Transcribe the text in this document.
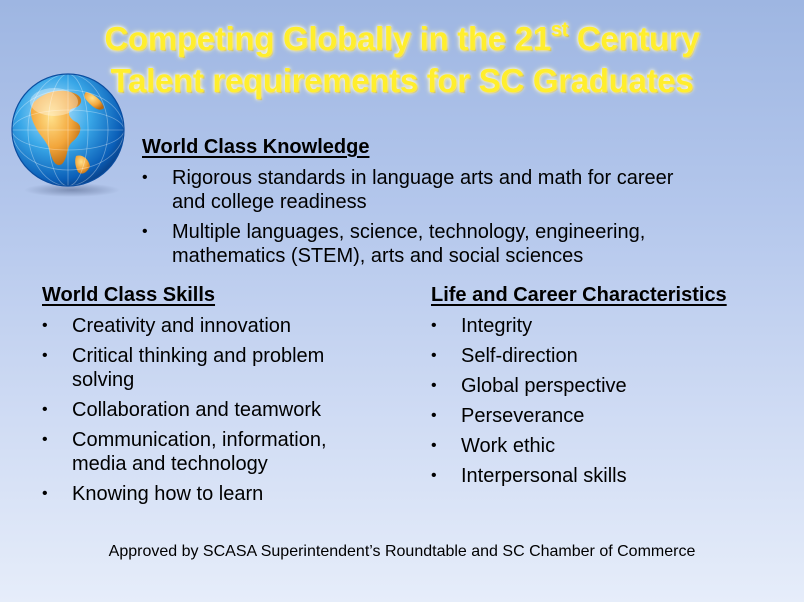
Competing Globally in the 21st Century
Talent requirements for SC Graduates
World Class Knowledge
•	Rigorous standards in language arts and math for career
and college readiness
•	Multiple languages, science, technology, engineering,
mathematics (STEM), arts and social sciences
World Class Skills
•	Creativity and innovation
•	Critical thinking and problem
solving
•	Collaboration and teamwork
•	Communication, information,
media and technology
•	Knowing how to learn
Life and Career Characteristics
•	Integrity
•	Self-direction
•	Global perspective
•	Perseverance
•	Work ethic
•	Interpersonal skills
Approved by SCASA Superintendent’s Roundtable and SC Chamber of Commerce
